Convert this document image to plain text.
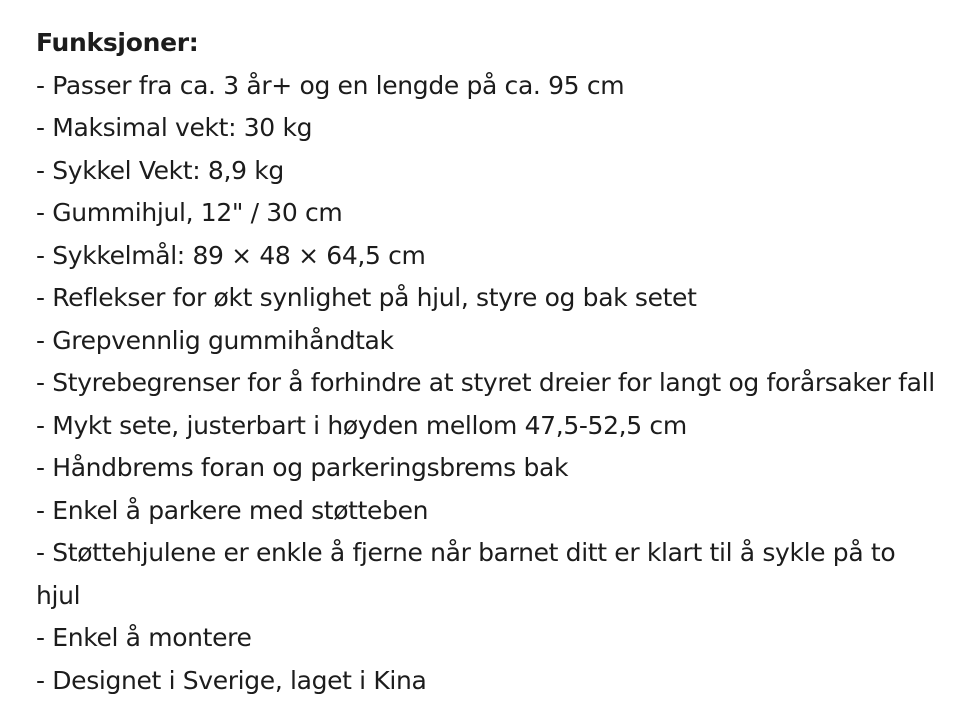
Funksjoner:
- Passer fra ca. 3 år+ og en lengde på ca. 95 cm
- Maksimal vekt: 30 kg
- Sykkel Vekt: 8,9 kg
- Gummihjul, 12" / 30 cm
- Sykkelmål: 89 × 48 × 64,5 cm
- Reflekser for økt synlighet på hjul, styre og bak setet
- Grepvennlig gummihåndtak
- Styrebegrenser for å forhindre at styret dreier for langt og forårsaker fall
- Mykt sete, justerbart i høyden mellom 47,5-52,5 cm
- Håndbrems foran og parkeringsbrems bak
- Enkel å parkere med støtteben
- Støttehjulene er enkle å fjerne når barnet ditt er klart til å sykle på to hjul
- Enkel å montere
- Designet i Sverige, laget i Kina
